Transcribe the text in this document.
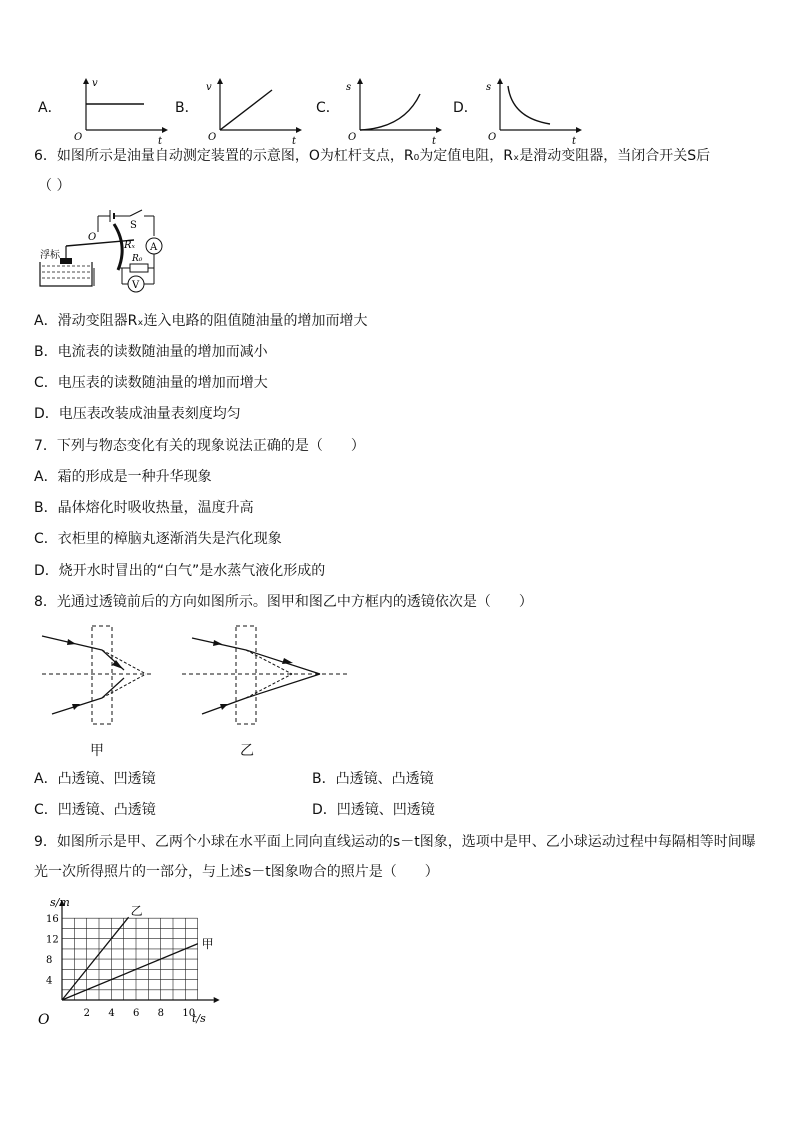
A．
v
t
O
B．
v
t
O
C．
s
t
O
D．
s
t
O
6．如图所示是油量自动测定装置的示意图，O为杠杆支点，R₀为定值电阻，Rₓ是滑动变阻器，当闭合开关S后
（ ）
S
A
O
Rₓ
R₀
V
浮标
A．滑动变阻器Rₓ连入电路的阻值随油量的增加而增大
B．电流表的读数随油量的增加而减小
C．电压表的读数随油量的增加而增大
D．电压表改装成油量表刻度均匀
7．下列与物态变化有关的现象说法正确的是（　　）
A．霜的形成是一种升华现象
B．晶体熔化时吸收热量，温度升高
C．衣柜里的樟脑丸逐渐消失是汽化现象
D．烧开水时冒出的“白气”是水蒸气液化形成的
8．光通过透镜前后的方向如图所示。图甲和图乙中方框内的透镜依次是（　　）
甲	乙
A．凸透镜、凹透镜	B．凸透镜、凸透镜
C．凹透镜、凸透镜	D．凹透镜、凹透镜
9．如图所示是甲、乙两个小球在水平面上同向直线运动的s－t图象，选项中是甲、乙小球运动过程中每隔相等时间曝
光一次所得照片的一部分，与上述s－t图象吻合的照片是（　　）
4
8
12
16
2 4 6 8 10
s/m
t/s
O
乙
甲
